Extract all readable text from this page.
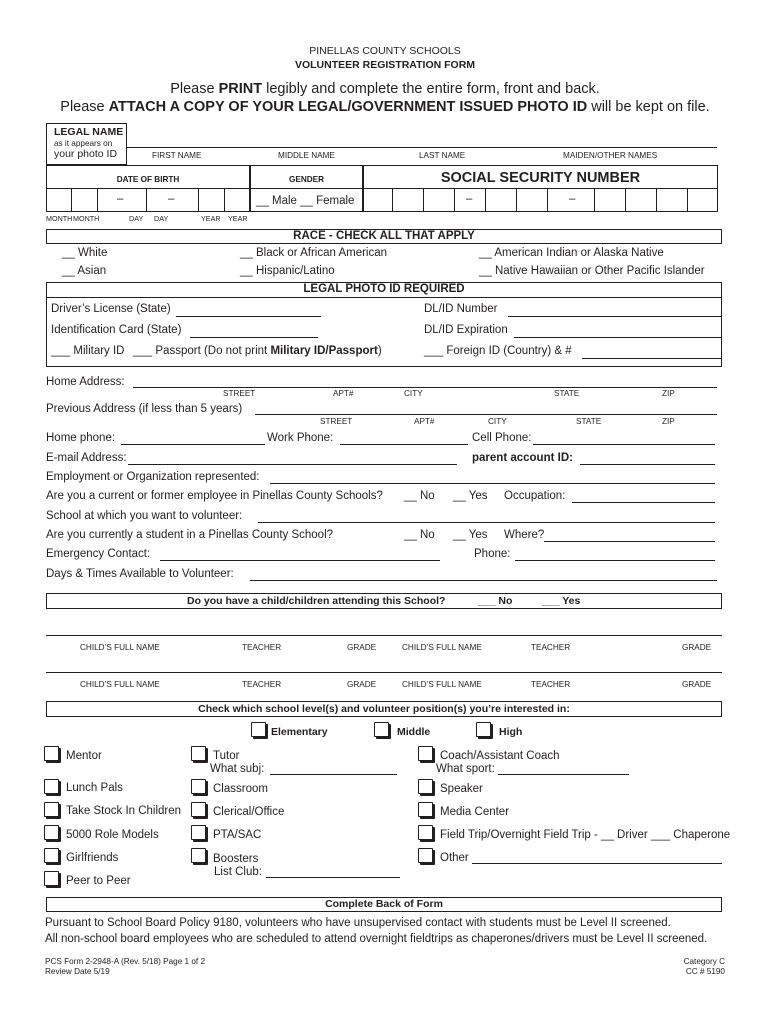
PINELLAS COUNTY SCHOOLS
VOLUNTEER REGISTRATION FORM
Please PRINT legibly and complete the entire form, front and back.
Please ATTACH A COPY OF YOUR LEGAL/GOVERNMENT ISSUED PHOTO ID will be kept on file.
LEGAL NAME
as it appears on
your photo ID	FIRST NAME	MIDDLE NAME	LAST NAME	MAIDEN/OTHER NAMES
DATE OF BIRTH
–	–
GENDER
__ Male __ Female
SOCIAL SECURITY NUMBER
–	–
MONTH MONTH	DAY DAY	YEAR YEAR
RACE - CHECK ALL THAT APPLY
__ White
__ Asian
__ Black or African American
__ Hispanic/Latino
__ American Indian or Alaska Native
__ Native Hawaiian or Other Pacific Islander
LEGAL PHOTO ID REQUIRED
Driver’s License (State)	DL/ID Number
Identification Card (State)	DL/ID Expiration
___ Military ID ___ Passport (Do not print Military ID/Passport)	___ Foreign ID (Country) & #
Home Address:
STREET	APT#	CITY	STATE	ZIP
Previous Address (if less than 5 years)
STREET	APT#	CITY	STATE	ZIP
Home phone:	Work Phone:	Cell Phone:
E-mail Address:	parent account ID:
Employment or Organization represented:
Are you a current or former employee in Pinellas County Schools? __ No __ Yes Occupation:
School at which you want to volunteer:
Are you currently a student in a Pinellas County School?	__ No __ Yes Where?
Emergency Contact:	Phone:
Days & Times Available to Volunteer:
Do you have a child/children attending this School?	___ No	___ Yes
CHILD’S FULL NAME	TEACHER	GRADE	CHILD’S FULL NAME	TEACHER	GRADE
CHILD’S FULL NAME	TEACHER	GRADE	CHILD’S FULL NAME	TEACHER	GRADE
Check which school level(s) and volunteer position(s) you’re interested in:
Elementary	Middle	High
Mentor
Lunch Pals
Take Stock In Children
5000 Role Models
Girlfriends
Peer to Peer
Tutor
What subj:
Classroom
Clerical/Office
PTA/SAC
Boosters
List Club:
Coach/Assistant Coach
What sport:
Speaker
Media Center
Field Trip/Overnight Field Trip - __ Driver ___ Chaperone
Other
Complete Back of Form
Pursuant to School Board Policy 9180, volunteers who have unsupervised contact with students must be Level II screened.
All non-school board employees who are scheduled to attend overnight fieldtrips as chaperones/drivers must be Level II screened.
PCS Form 2-2948-A (Rev. 5/18) Page 1 of 2
Review Date 5/19
Category C
CC # 5190
